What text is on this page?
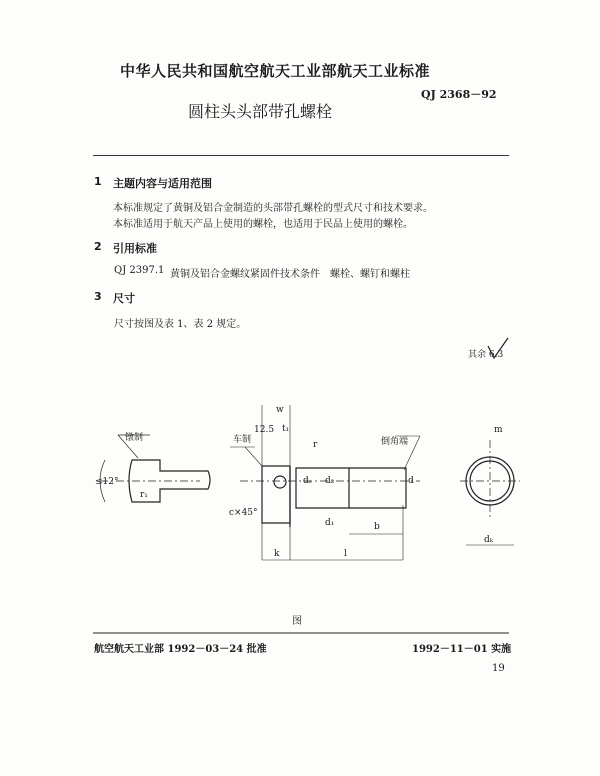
中华人民共和国航空航天工业部航天工业标准
QJ 2368－92
圆柱头头部带孔螺栓
1 主题内容与适用范围
本标准规定了黄铜及铝合金制造的头部带孔螺栓的型式尺寸和技术要求。
本标准适用于航天产品上使用的螺栓，也适用于民品上使用的螺栓。
2 引用标准
QJ 2397.1 黄铜及铝合金螺纹紧固件技术条件　螺栓、螺钉和螺柱
3 尺寸
尺寸按图及表 1、表 2 规定。
其余 6.3
镦制
≤12°
r₁
车制
w
t₁
12.5
r
dₛ d₂	d
d₁
c×45°
b
k	l
倒角端
m
dₖ
图
航空航天工业部 1992－03－24 批准	1992－11－01 实施
19
